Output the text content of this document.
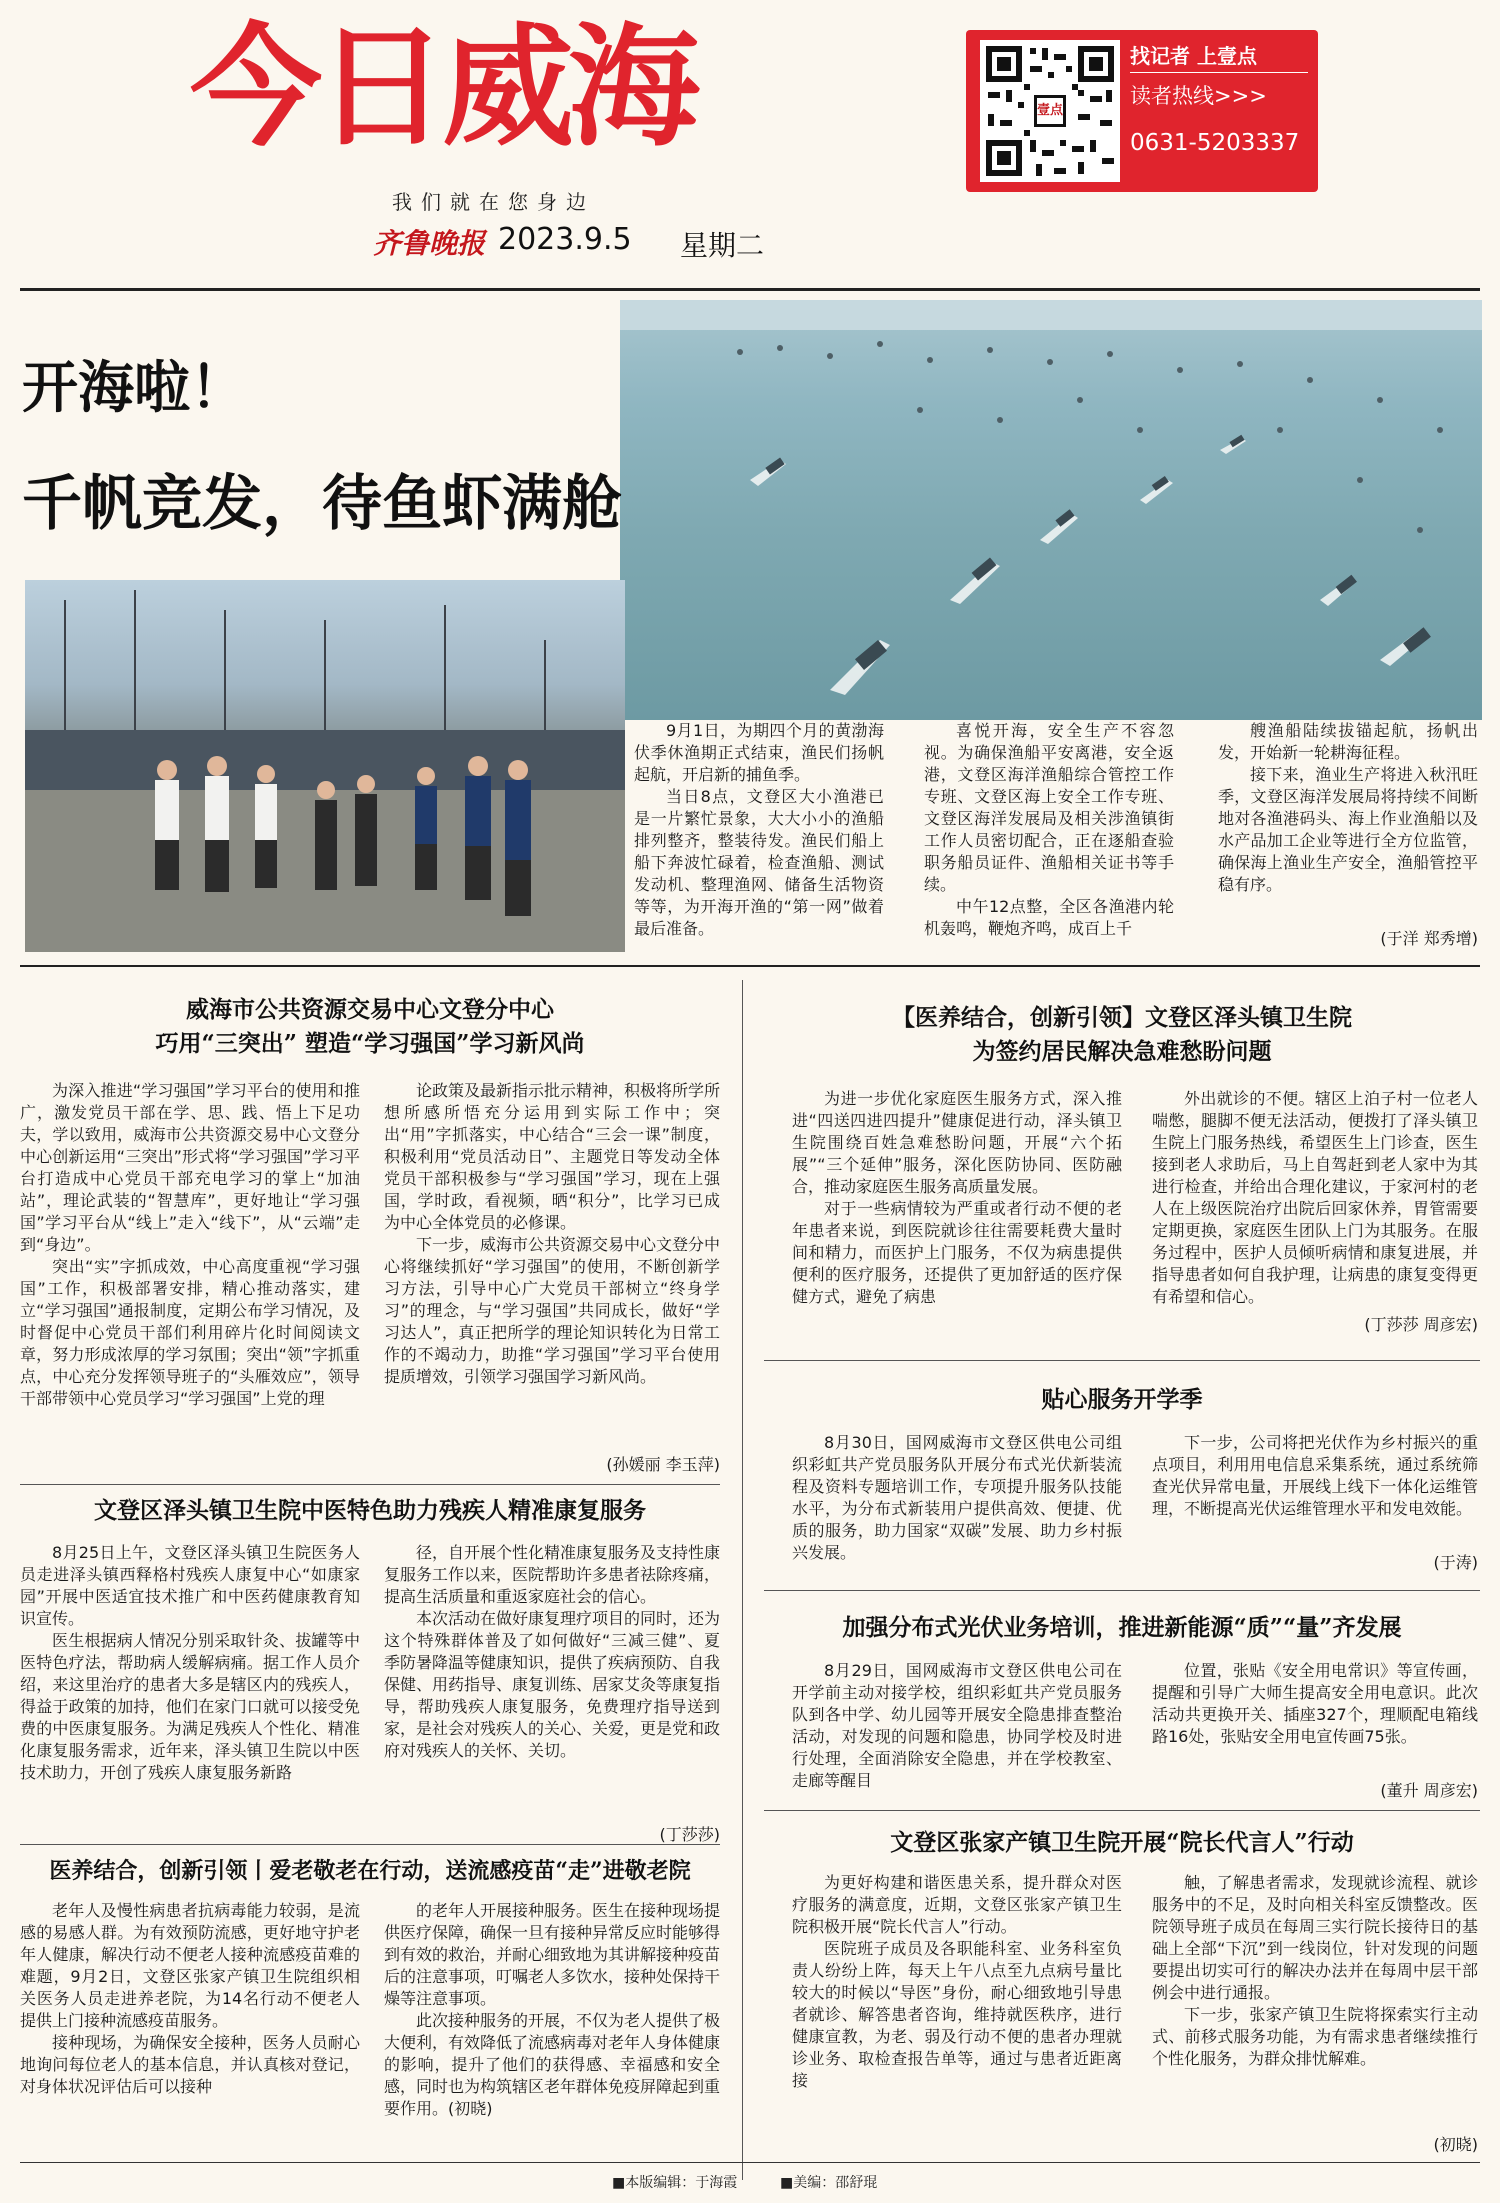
今日威海
我们就在您身边
齐鲁晚报 2023.9.5 星期二
壹点
找记者 上壹点
读者热线>>>
0631-5203337
开海啦！
千帆竞发，待鱼虾满舱

9月1日，为期四个月的黄渤海伏季休渔期正式结束，渔民们扬帆起航，开启新的捕鱼季。

当日8点，文登区大小渔港已是一片繁忙景象，大大小小的渔船排列整齐，整装待发。渔民们船上船下奔波忙碌着，检查渔船、测试发动机、整理渔网、储备生活物资等等，为开海开渔的“第一网”做着最后准备。

喜悦开海，安全生产不容忽视。为确保渔船平安离港，安全返港，文登区海洋渔船综合管控工作专班、文登区海上安全工作专班、文登区海洋发展局及相关涉渔镇街工作人员密切配合，正在逐船查验职务船员证件、渔船相关证书等手续。

中午12点整，全区各渔港内轮机轰鸣，鞭炮齐鸣，成百上千

艘渔船陆续拔锚起航，扬帆出发，开始新一轮耕海征程。

接下来，渔业生产将进入秋汛旺季，文登区海洋发展局将持续不间断地对各渔港码头、海上作业渔船以及水产品加工企业等进行全方位监管，确保海上渔业生产安全，渔船管控平稳有序。

(于洋 郑秀增)
威海市公共资源交易中心文登分中心
巧用“三突出” 塑造“学习强国”学习新风尚

为深入推进“学习强国”学习平台的使用和推广，激发党员干部在学、思、践、悟上下足功夫，学以致用，威海市公共资源交易中心文登分中心创新运用“三突出”形式将“学习强国”学习平台打造成中心党员干部充电学习的掌上“加油站”，理论武装的“智慧库”，更好地让“学习强国”学习平台从“线上”走入“线下”，从“云端”走到“身边”。

突出“实”字抓成效，中心高度重视“学习强国”工作，积极部署安排，精心推动落实，建立“学习强国”通报制度，定期公布学习情况，及时督促中心党员干部们利用碎片化时间阅读文章，努力形成浓厚的学习氛围；突出“领”字抓重点，中心充分发挥领导班子的“头雁效应”，领导干部带领中心党员学习“学习强国”上党的理

论政策及最新指示批示精神，积极将所学所想所感所悟充分运用到实际工作中；突出“用”字抓落实，中心结合“三会一课”制度，积极利用“党员活动日”、主题党日等发动全体党员干部积极参与“学习强国”学习，现在上强国，学时政，看视频，晒“积分”，比学习已成为中心全体党员的必修课。

下一步，威海市公共资源交易中心文登分中心将继续抓好“学习强国”的使用，不断创新学习方法，引导中心广大党员干部树立“终身学习”的理念，与“学习强国”共同成长，做好“学习达人”，真正把所学的理论知识转化为日常工作的不竭动力，助推“学习强国”学习平台使用提质增效，引领学习强国学习新风尚。

(孙媛丽 李玉萍)
文登区泽头镇卫生院中医特色助力残疾人精准康复服务

8月25日上午，文登区泽头镇卫生院医务人员走进泽头镇西释格村残疾人康复中心“如康家园”开展中医适宜技术推广和中医药健康教育知识宣传。

医生根据病人情况分别采取针灸、拔罐等中医特色疗法，帮助病人缓解病痛。据工作人员介绍，来这里治疗的患者大多是辖区内的残疾人，得益于政策的加持，他们在家门口就可以接受免费的中医康复服务。为满足残疾人个性化、精准化康复服务需求，近年来，泽头镇卫生院以中医技术助力，开创了残疾人康复服务新路

径，自开展个性化精准康复服务及支持性康复服务工作以来，医院帮助许多患者祛除疼痛，提高生活质量和重返家庭社会的信心。

本次活动在做好康复理疗项目的同时，还为这个特殊群体普及了如何做好“三减三健”、夏季防暑降温等健康知识，提供了疾病预防、自我保健、用药指导、康复训练、居家艾灸等康复指导，帮助残疾人康复服务，免费理疗指导送到家，是社会对残疾人的关心、关爱，更是党和政府对残疾人的关怀、关切。

(丁莎莎)
医养结合，创新引领丨爱老敬老在行动，送流感疫苗“走”进敬老院

老年人及慢性病患者抗病毒能力较弱，是流感的易感人群。为有效预防流感，更好地守护老年人健康，解决行动不便老人接种流感疫苗难的难题，9月2日，文登区张家产镇卫生院组织相关医务人员走进养老院，为14名行动不便老人提供上门接种流感疫苗服务。

接种现场，为确保安全接种，医务人员耐心地询问每位老人的基本信息，并认真核对登记，对身体状况评估后可以接种

的老年人开展接种服务。医生在接种现场提供医疗保障，确保一旦有接种异常反应时能够得到有效的救治，并耐心细致地为其讲解接种疫苗后的注意事项，叮嘱老人多饮水，接种处保持干燥等注意事项。

此次接种服务的开展，不仅为老人提供了极大便利，有效降低了流感病毒对老年人身体健康的影响，提升了他们的获得感、幸福感和安全感，同时也为构筑辖区老年群体免疫屏障起到重要作用。(初晓)

【医养结合，创新引领】文登区泽头镇卫生院
为签约居民解决急难愁盼问题

为进一步优化家庭医生服务方式，深入推进“四送四进四提升”健康促进行动，泽头镇卫生院围绕百姓急难愁盼问题，开展“六个拓展”“三个延伸”服务，深化医防协同、医防融合，推动家庭医生服务高质量发展。

对于一些病情较为严重或者行动不便的老年患者来说，到医院就诊往往需要耗费大量时间和精力，而医护上门服务，不仅为病患提供便利的医疗服务，还提供了更加舒适的医疗保健方式，避免了病患

外出就诊的不便。辖区上泊子村一位老人喘憋，腿脚不便无法活动，便拨打了泽头镇卫生院上门服务热线，希望医生上门诊查，医生接到老人求助后，马上自驾赶到老人家中为其进行检查，并给出合理化建议，于家河村的老人在上级医院治疗出院后回家休养，胃管需要定期更换，家庭医生团队上门为其服务。在服务过程中，医护人员倾听病情和康复进展，并指导患者如何自我护理，让病患的康复变得更有希望和信心。

(丁莎莎 周彦宏)
贴心服务开学季

8月30日，国网威海市文登区供电公司组织彩虹共产党员服务队开展分布式光伏新装流程及资料专题培训工作，专项提升服务队技能水平，为分布式新装用户提供高效、便捷、优质的服务，助力国家“双碳”发展、助力乡村振兴发展。

下一步，公司将把光伏作为乡村振兴的重点项目，利用用电信息采集系统，通过系统筛查光伏异常电量，开展线上线下一体化运维管理，不断提高光伏运维管理水平和发电效能。

(于涛)
加强分布式光伏业务培训，推进新能源“质”“量”齐发展

8月29日，国网威海市文登区供电公司在开学前主动对接学校，组织彩虹共产党员服务队到各中学、幼儿园等开展安全隐患排查整治活动，对发现的问题和隐患，协同学校及时进行处理，全面消除安全隐患，并在学校教室、走廊等醒目

位置，张贴《安全用电常识》等宣传画，提醒和引导广大师生提高安全用电意识。此次活动共更换开关、插座327个，理顺配电箱线路16处，张贴安全用电宣传画75张。

(董升 周彦宏)
文登区张家产镇卫生院开展“院长代言人”行动

为更好构建和谐医患关系，提升群众对医疗服务的满意度，近期，文登区张家产镇卫生院积极开展“院长代言人”行动。

医院班子成员及各职能科室、业务科室负责人纷纷上阵，每天上午八点至九点病号量比较大的时候以“导医”身份，耐心细致地引导患者就诊、解答患者咨询，维持就医秩序，进行健康宣教，为老、弱及行动不便的患者办理就诊业务、取检查报告单等，通过与患者近距离接

触，了解患者需求，发现就诊流程、就诊服务中的不足，及时向相关科室反馈整改。医院领导班子成员在每周三实行院长接待日的基础上全部“下沉”到一线岗位，针对发现的问题要提出切实可行的解决办法并在每周中层干部例会中进行通报。

下一步，张家产镇卫生院将探索实行主动式、前移式服务功能，为有需求患者继续推行个性化服务，为群众排忧解难。

(初晓)
■本版编辑：于海霞	■美编：邵舒琨
